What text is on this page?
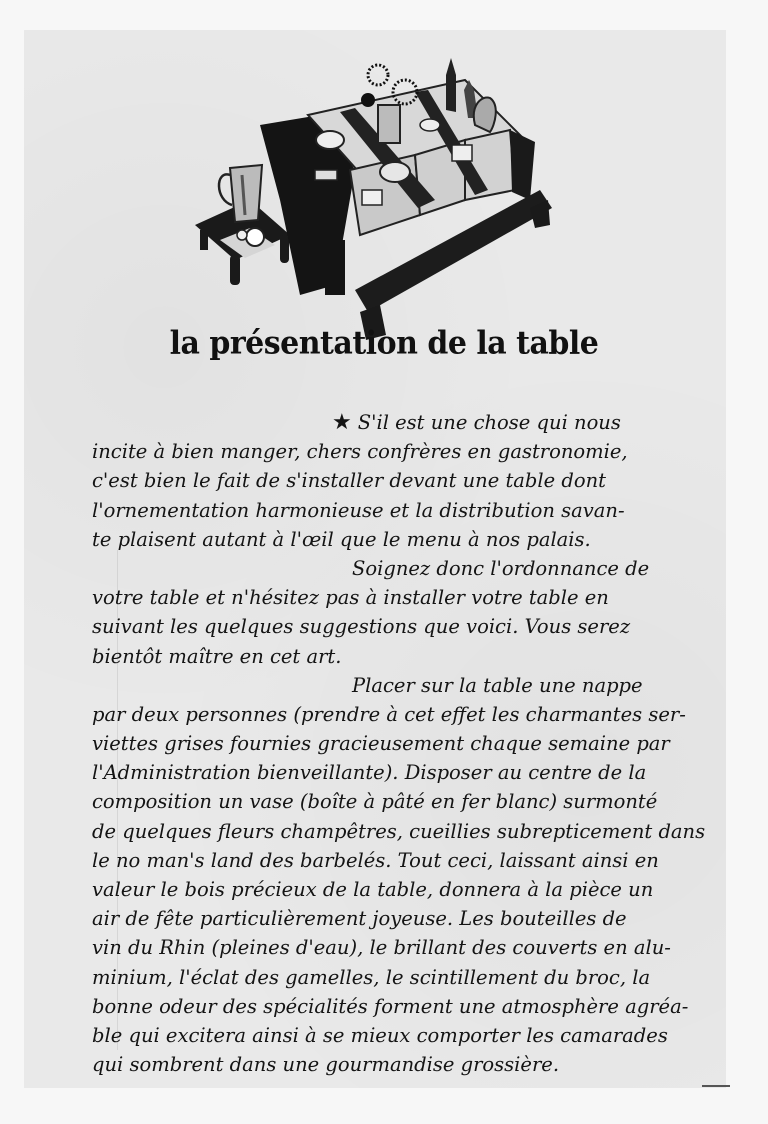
la présentation de la table
★ S'il est une chose qui nous
incite à bien manger, chers confrères en gastronomie,
c'est bien le fait de s'installer devant une table dont
l'ornementation harmonieuse et la distribution savan-
te plaisent autant à l'œil que le menu à nos palais.
Soignez donc l'ordonnance de
votre table et n'hésitez pas à installer votre table en
suivant les quelques suggestions que voici. Vous serez
bientôt maître en cet art.
Placer sur la table une nappe
par deux personnes (prendre à cet effet les charmantes ser-
viettes grises fournies gracieusement chaque semaine par
l'Administration bienveillante). Disposer au centre de la
composition un vase (boîte à pâté en fer blanc) surmonté
de quelques fleurs champêtres, cueillies subrepticement dans
le no man's land des barbelés. Tout ceci, laissant ainsi en
valeur le bois précieux de la table, donnera à la pièce un
air de fête particulièrement joyeuse. Les bouteilles de
vin du Rhin (pleines d'eau), le brillant des couverts en alu-
minium, l'éclat des gamelles, le scintillement du broc, la
bonne odeur des spécialités forment une atmosphère agréa-
ble qui excitera ainsi à se mieux comporter les camarades
qui sombrent dans une gourmandise grossière.
